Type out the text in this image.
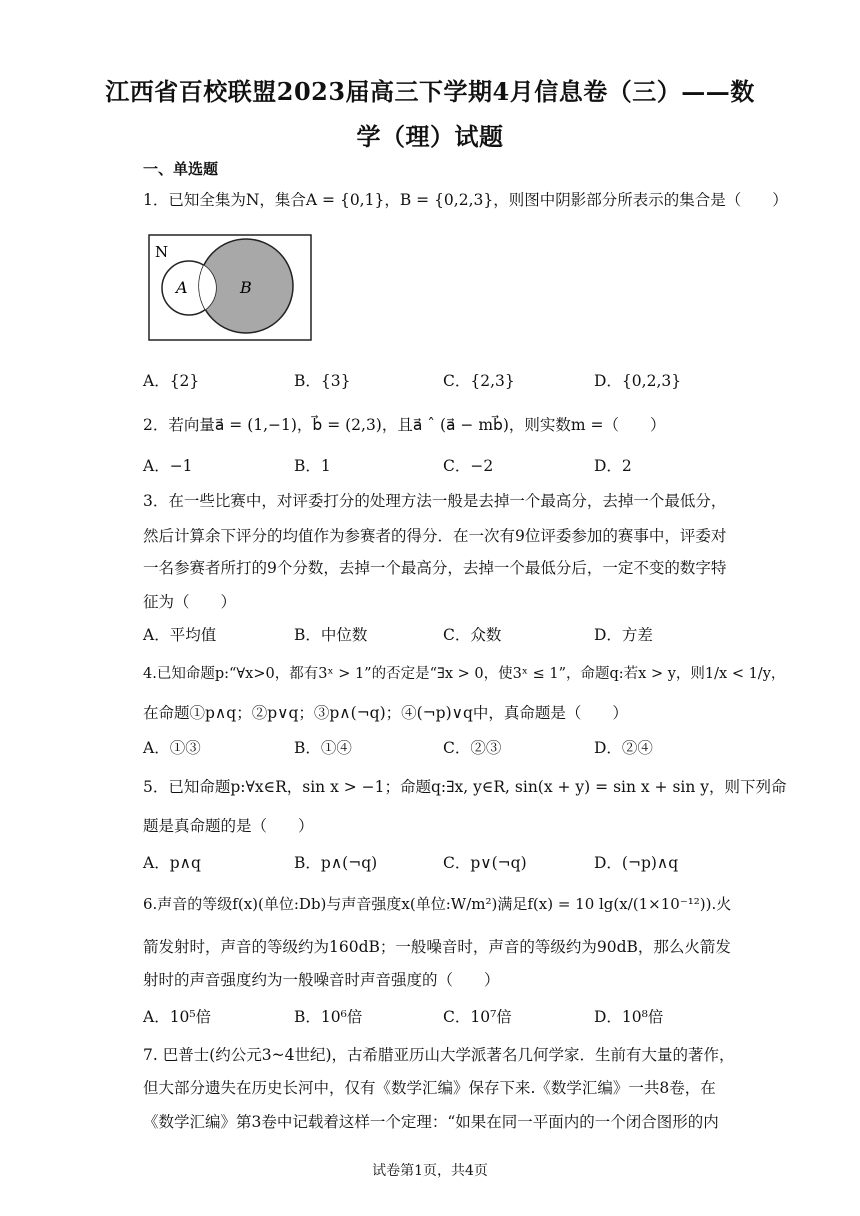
江西省百校联盟2023届高三下学期4月信息卷（三）——数
学（理）试题
一、单选题
1．已知全集为N，集合A = {0,1}，B = {0,2,3}，则图中阴影部分所表示的集合是（　　）
N
A	B
A．{2}	B．{3}	C．{2,3}	D．{0,2,3}
2．若向量a⃗ = (1,−1)，b⃗ = (2,3)，且a⃗ ˆ (a⃗ − mb⃗)，则实数m =（　　）
A．−1	B．1	C．−2	D．2
3．在一些比赛中，对评委打分的处理方法一般是去掉一个最高分，去掉一个最低分，
然后计算余下评分的均值作为参赛者的得分．在一次有9位评委参加的赛事中，评委对
一名参赛者所打的9个分数，去掉一个最高分，去掉一个最低分后，一定不变的数字特
征为（　　）
A．平均值	B．中位数	C．众数	D．方差
4.已知命题p:“∀x>0，都有3ˣ > 1”的否定是“∃x > 0，使3ˣ ≤ 1”，命题q:若x > y，则1/x < 1/y，
在命题①p∧q；②p∨q；③p∧(¬q)；④(¬p)∨q中，真命题是（　　）
A．①③	B．①④	C．②③	D．②④
5．已知命题p:∀x∈R，sin x > −1；命题q:∃x, y∈R, sin(x + y) = sin x + sin y，则下列命
题是真命题的是（　　）
A．p∧q	B．p∧(¬q)	C．p∨(¬q)	D．(¬p)∧q
6.声音的等级f(x)(单位:Db)与声音强度x(单位:W/m²)满足f(x) = 10 lg(x/(1×10⁻¹²)).火
箭发射时，声音的等级约为160dB；一般噪音时，声音的等级约为90dB，那么火箭发
射时的声音强度约为一般噪音时声音强度的（　　）
A．10⁵倍	B．10⁶倍	C．10⁷倍	D．10⁸倍
7. 巴普士(约公元3~4世纪)，古希腊亚历山大学派著名几何学家．生前有大量的著作，
但大部分遗失在历史长河中，仅有《数学汇编》保存下来.《数学汇编》一共8卷，在
《数学汇编》第3卷中记载着这样一个定理：“如果在同一平面内的一个闭合图形的内
试卷第1页，共4页
